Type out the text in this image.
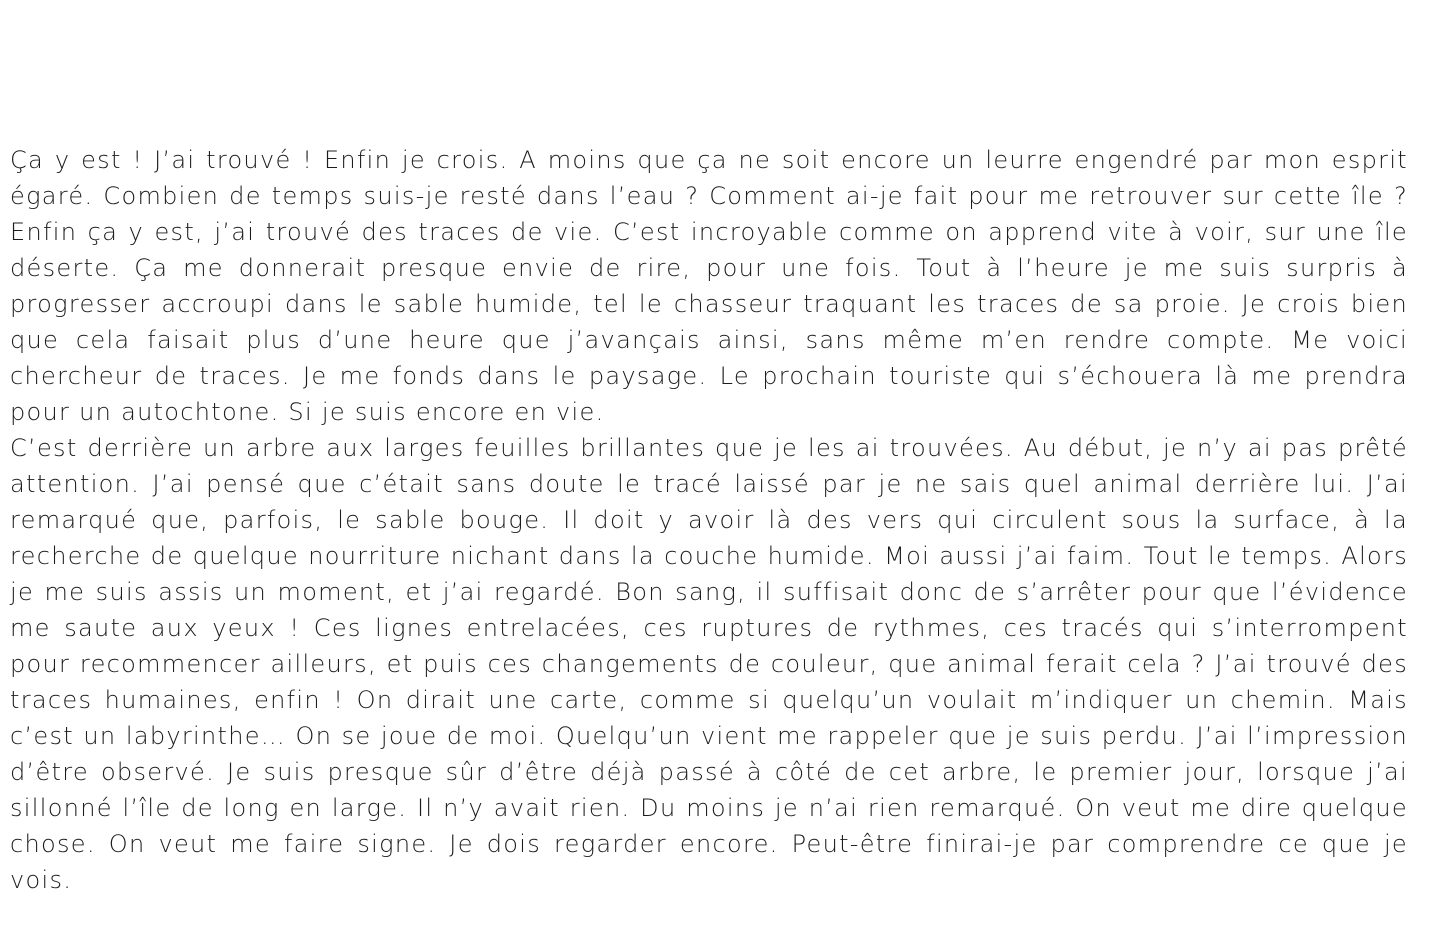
Ça y est ! J’ai trouvé ! Enfin je crois. A moins que ça ne soit encore un leurre engendré par mon esprit égaré. Combien de temps suis-je resté dans l’eau ? Comment ai-je fait pour me retrouver sur cette île ? Enfin ça y est, j’ai trouvé des traces de vie. C’est incroyable comme on apprend vite à voir, sur une île déserte. Ça me donnerait presque envie de rire, pour une fois. Tout à l’heure je me suis surpris à progresser accroupi dans le sable humide, tel le chasseur traquant les traces de sa proie. Je crois bien que cela faisait plus d’une heure que j’avançais ainsi, sans même m’en rendre compte. Me voici chercheur de traces. Je me fonds dans le paysage. Le prochain touriste qui s’échouera là me prendra pour un autochtone. Si je suis encore en vie.

C’est derrière un arbre aux larges feuilles brillantes que je les ai trouvées. Au début, je n’y ai pas prêté attention. J’ai pensé que c’était sans doute le tracé laissé par je ne sais quel animal derrière lui. J’ai remarqué que, parfois, le sable bouge. Il doit y avoir là des vers qui circulent sous la surface, à la recherche de quelque nourriture nichant dans la couche humide. Moi aussi j’ai faim. Tout le temps. Alors je me suis assis un moment, et j’ai regardé. Bon sang, il suffisait donc de s’arrêter pour que l’évidence me saute aux yeux ! Ces lignes entrelacées, ces ruptures de rythmes, ces tracés qui s’interrompent pour recommencer ailleurs, et puis ces changements de couleur, que animal ferait cela ? J’ai trouvé des traces humaines, enfin ! On dirait une carte, comme si quelqu’un voulait m’indiquer un chemin. Mais c’est un labyrinthe… On se joue de moi. Quelqu’un vient me rappeler que je suis perdu. J’ai l’impression d’être observé. Je suis presque sûr d’être déjà passé à côté de cet arbre, le premier jour, lorsque j’ai sillonné l’île de long en large. Il n’y avait rien. Du moins je n’ai rien remarqué. On veut me dire quelque chose. On veut me faire signe. Je dois regarder encore. Peut-être finirai-je par comprendre ce que je vois.
